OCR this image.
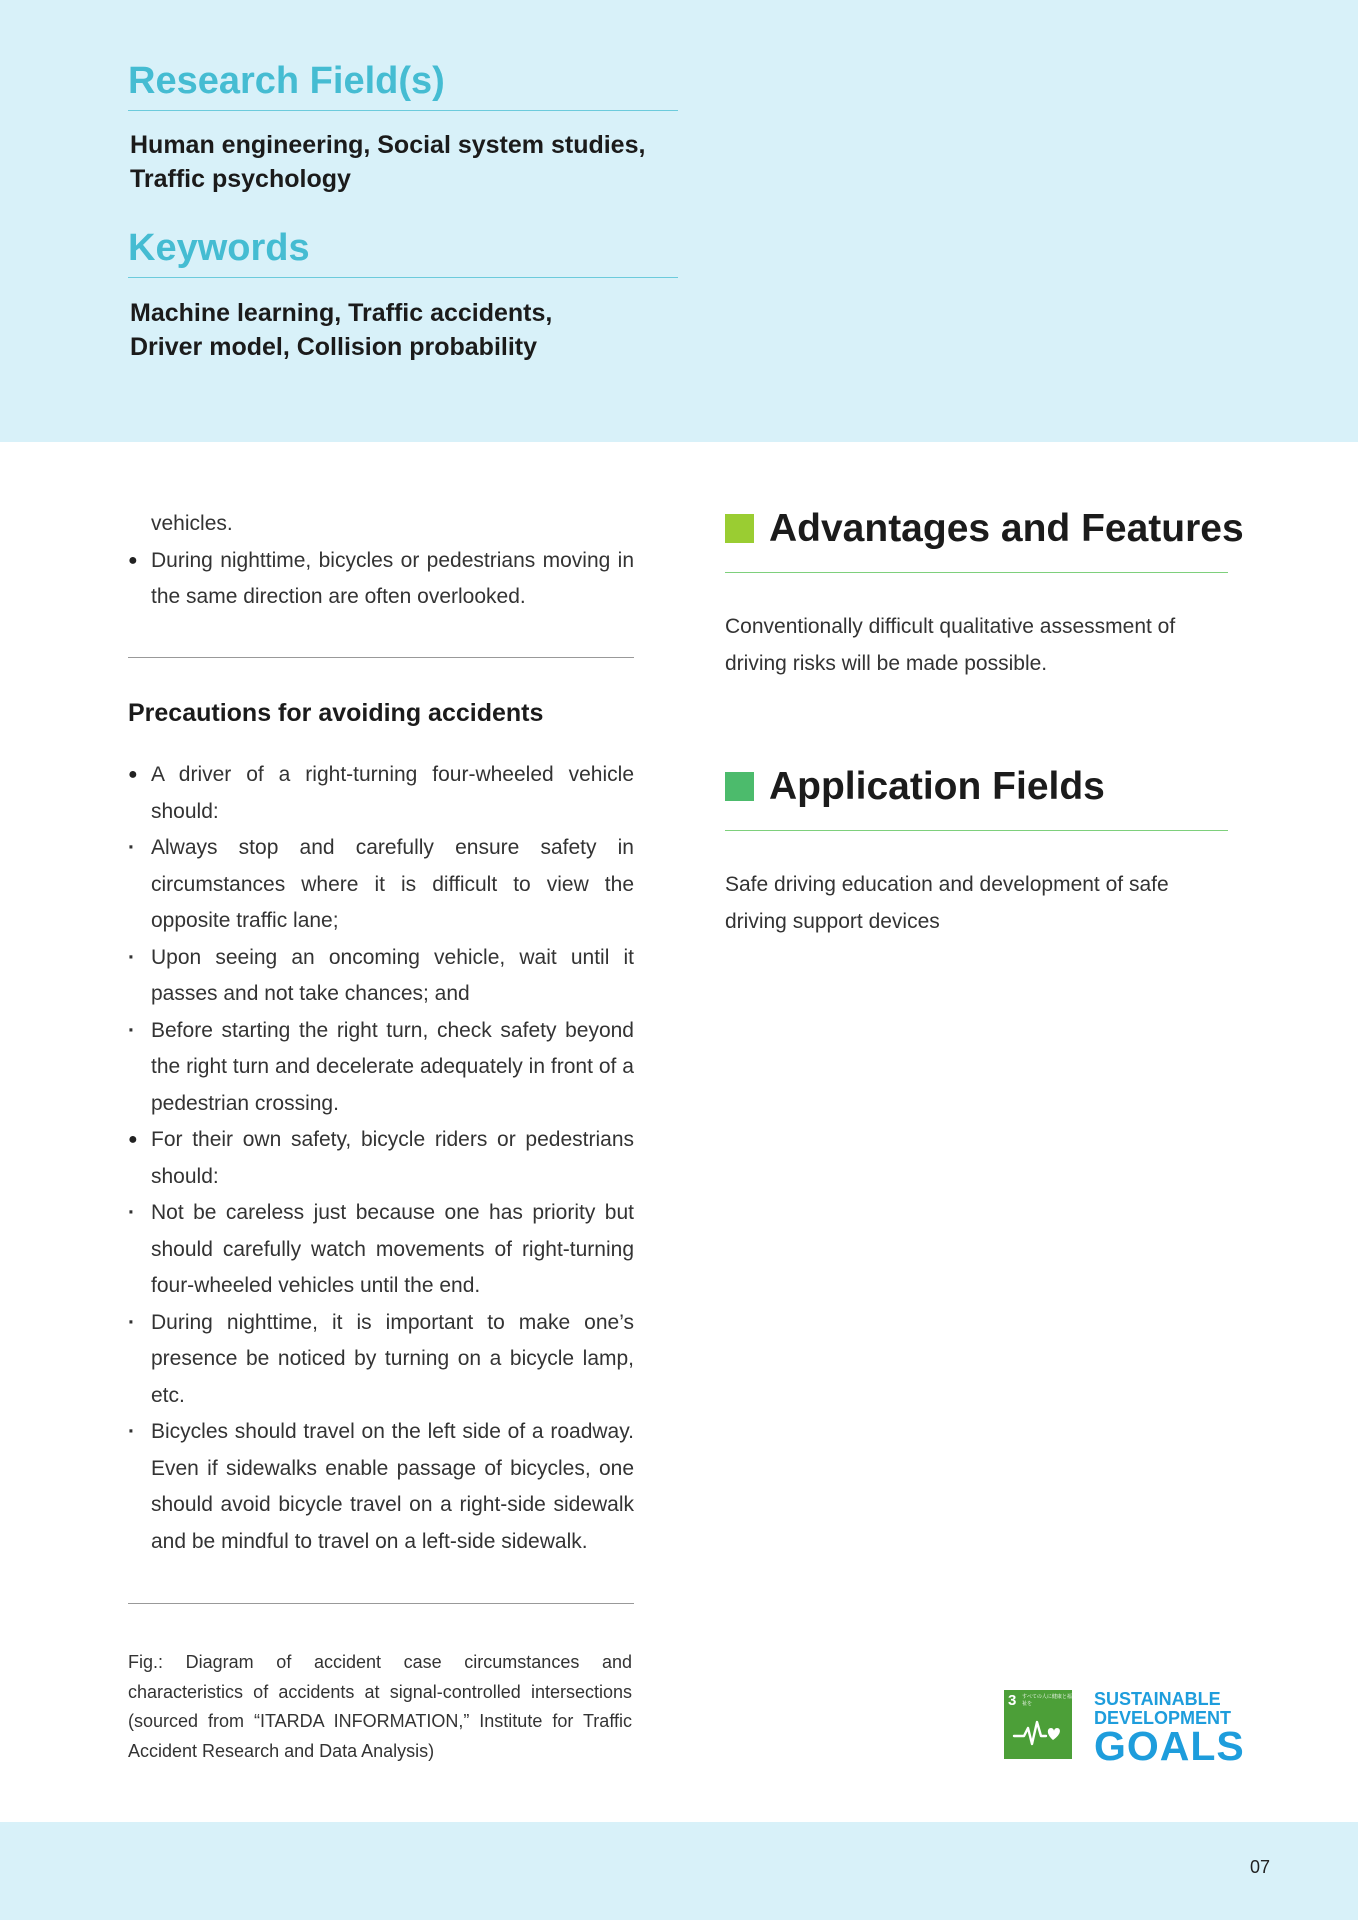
Research Field(s)
Human engineering, Social system studies,
Traffic psychology
Keywords
Machine learning, Traffic accidents,
Driver model, Collision probability

vehicles.

● During nighttime, bicycles or pedestrians moving in the same direction are often overlooked.

Precautions for avoiding accidents

● A driver of a right-turning four-wheeled vehicle should:

· Always stop and carefully ensure safety in circumstances where it is difficult to view the opposite traffic lane;

· Upon seeing an oncoming vehicle, wait until it passes and not take chances; and

· Before starting the right turn, check safety beyond the right turn and decelerate adequately in front of a pedestrian crossing.

● For their own safety, bicycle riders or pedestrians should:

· Not be careless just because one has priority but should carefully watch movements of right-turning four-wheeled vehicles until the end.

· During nighttime, it is important to make one’s presence be noticed by turning on a bicycle lamp, etc.

· Bicycles should travel on the left side of a roadway. Even if sidewalks enable passage of bicycles, one should avoid bicycle travel on a right-side sidewalk and be mindful to travel on a left-side sidewalk.

Fig.: Diagram of accident case circumstances and characteristics of accidents at signal-controlled intersections (sourced from “ITARDA INFORMATION,” Institute for Traffic Accident Research and Data Analysis)
Advantages and Features
Conventionally difficult qualitative assessment of driving risks will be made possible.
Application Fields
Safe driving education and development of safe driving support devices
3 すべての人に健康と福祉を	SUSTAINABLE
DEVELOPMENT
GOALS
07
